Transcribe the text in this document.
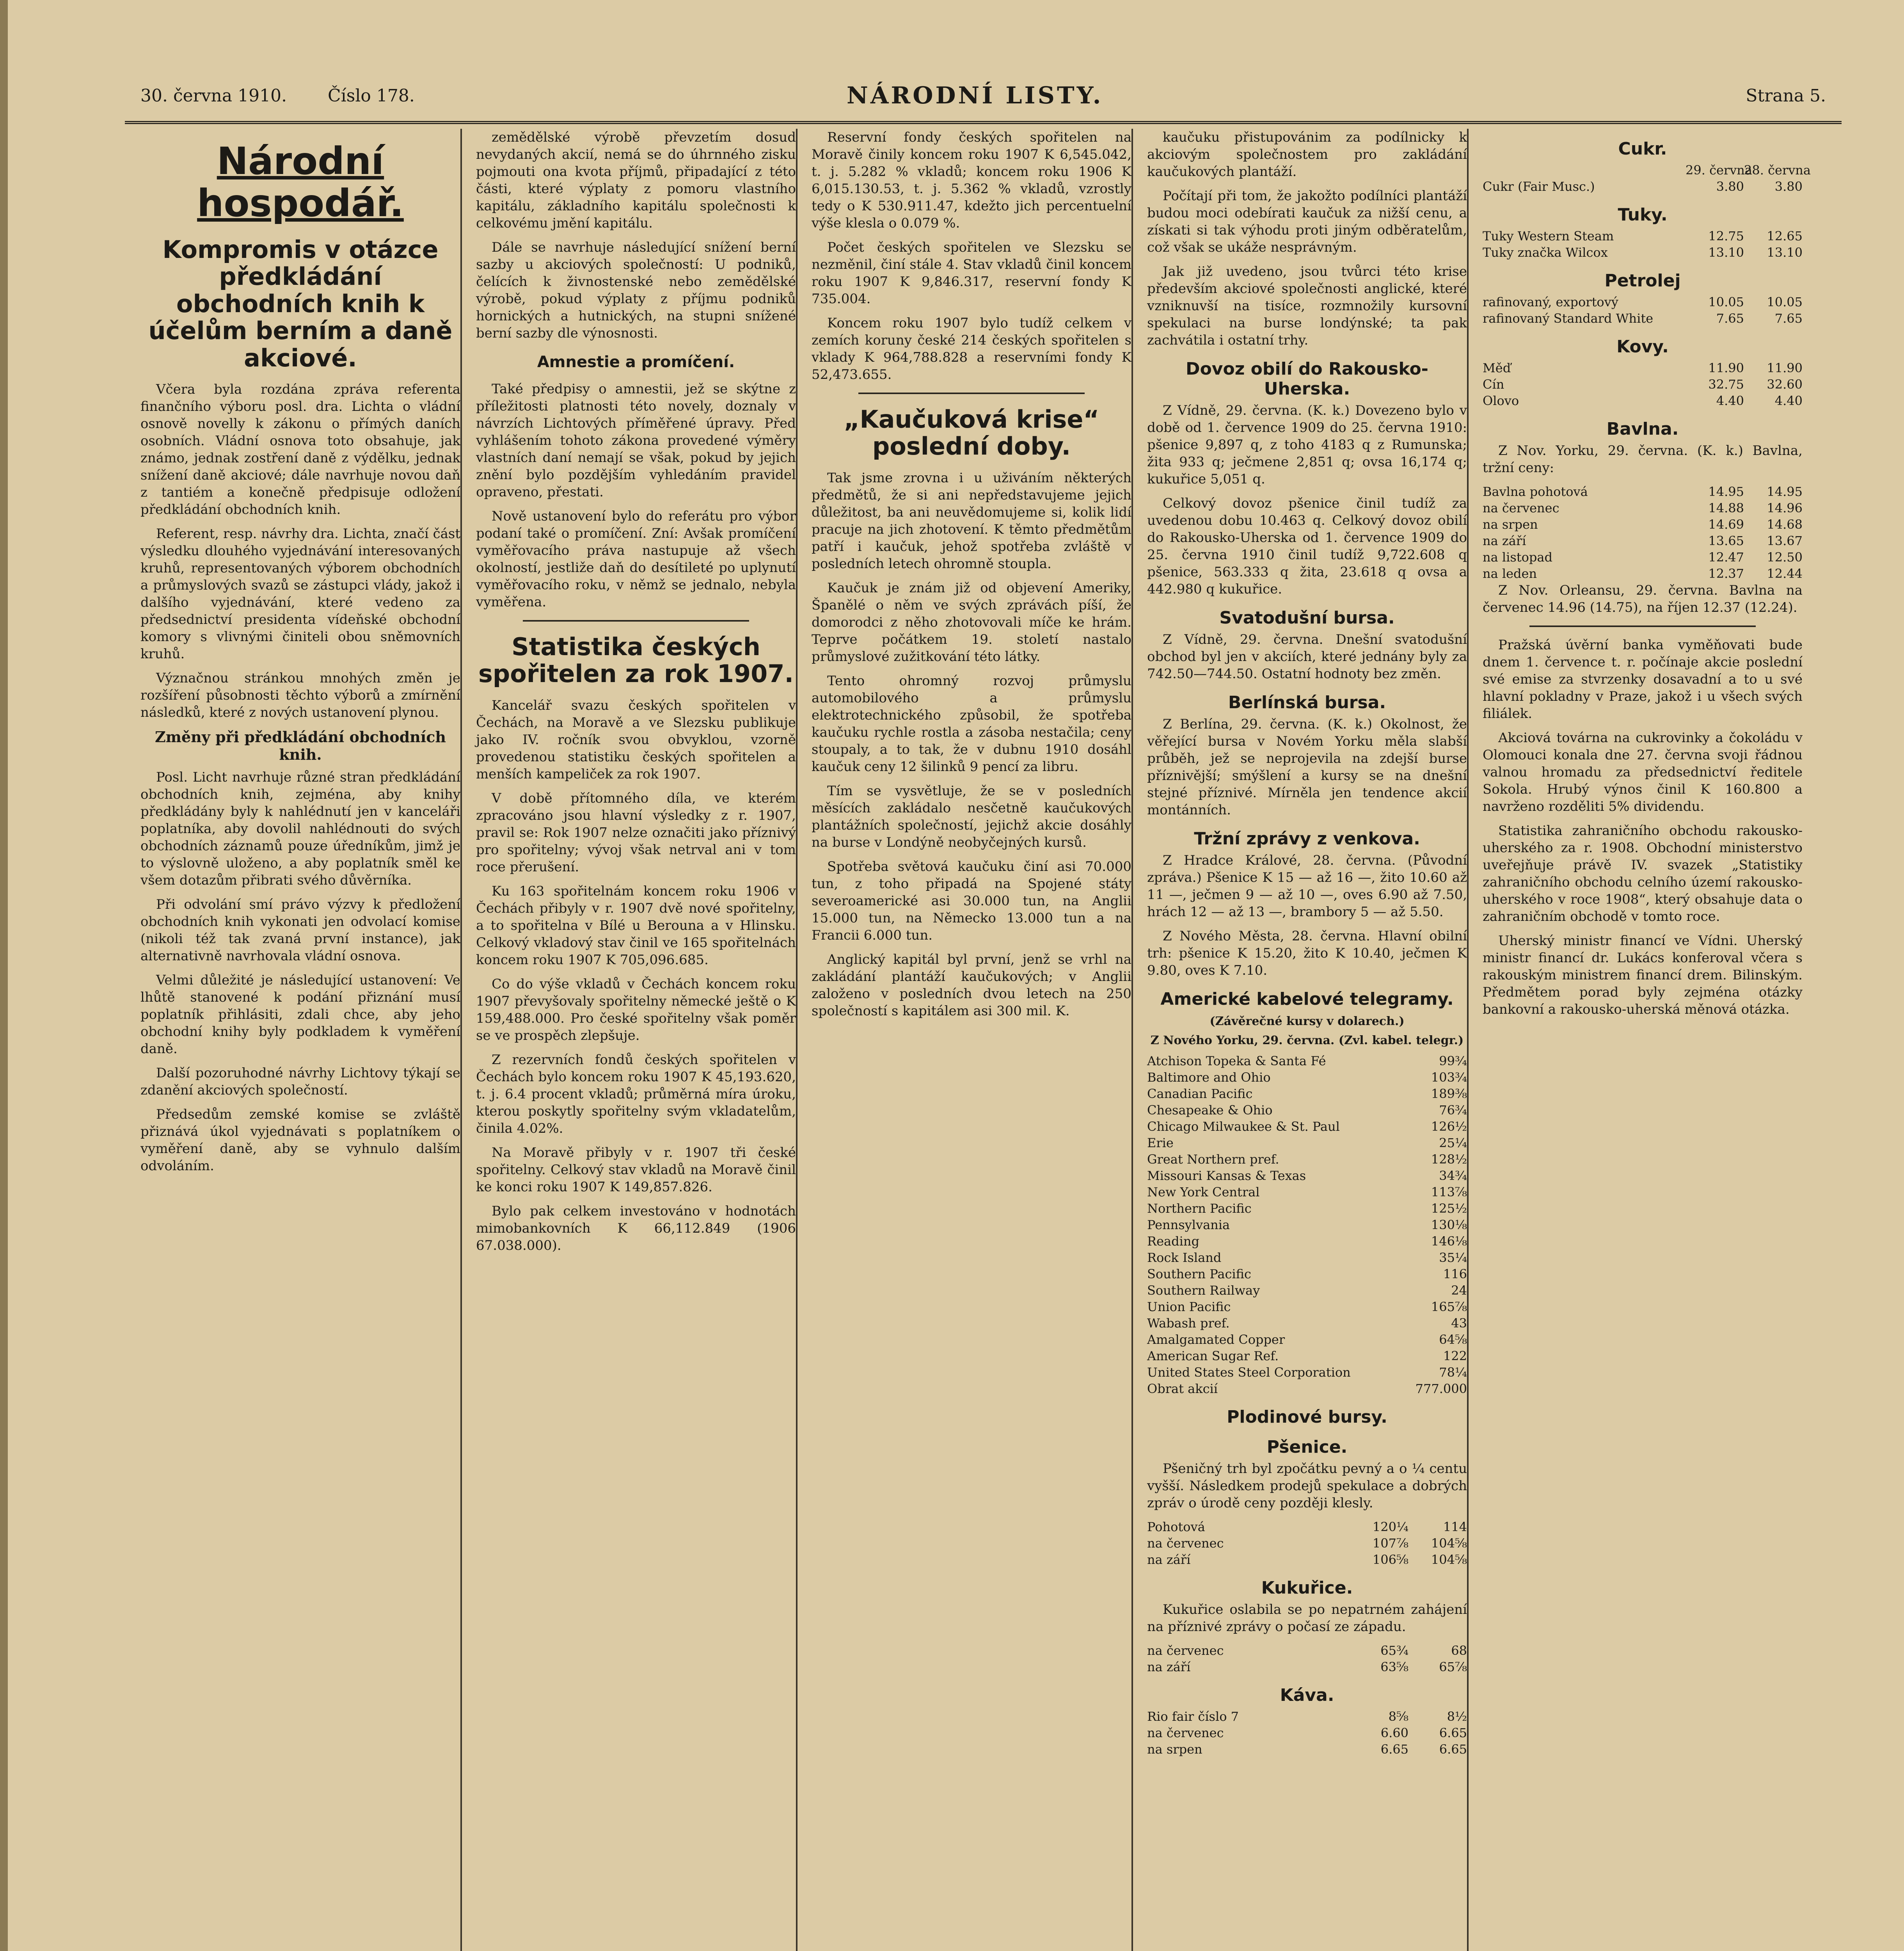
30. června 1910. Číslo 178.	NÁRODNÍ LISTY.	Strana 5.
Národní hospodář.
Kompromis v otázce předkládání obchodních knih k účelům berním a daně akciové.

Včera byla rozdána zpráva referenta finančního výboru posl. dra. Lichta o vládní osnově novelly k zákonu o přímých daních osobních. Vládní osnova toto obsahuje, jak známo, jednak zostření daně z výdělku, jednak snížení daně akciové; dále navrhuje novou daň z tantiém a konečně předpisuje odložení předkládání obchodních knih.

Referent, resp. návrhy dra. Lichta, značí část výsledku dlouhého vyjednávání interesovaných kruhů, representovaných výborem obchodních a průmyslových svazů se zástupci vlády, jakož i dalšího vyjednávání, které vedeno za předsednictví presidenta vídeňské obchodní komory s vlivnými činiteli obou sněmovních kruhů.

Význačnou stránkou mnohých změn je rozšíření působnosti těchto výborů a zmírnění následků, které z nových ustanovení plynou.

Změny při předkládání obchodních knih.

Posl. Licht navrhuje různé stran předkládání obchodních knih, zejména, aby knihy předkládány byly k nahlédnutí jen v kanceláři poplatníka, aby dovolil nahlédnouti do svých obchodních záznamů pouze úředníkům, jimž je to výslovně uloženo, a aby poplatník směl ke všem dotazům přibrati svého důvěrníka.

Při odvolání smí právo výzvy k předložení obchodních knih vykonati jen odvolací komise (nikoli též tak zvaná první instance), jak alternativně navrhovala vládní osnova.

Velmi důležité je následující ustanovení: Ve lhůtě stanovené k podání přiznání musí poplatník přihlásiti, zdali chce, aby jeho obchodní knihy byly podkladem k vyměření daně.

Další pozoruhodné návrhy Lichtovy týkají se zdanění akciových společností.

Předsedům zemské komise se zvláště přiznává úkol vyjednávati s poplatníkem o vyměření daně, aby se vyhnulo dalším odvoláním.

zemědělské výrobě převzetím dosud nevydaných akcií, nemá se do úhrnného zisku pojmouti ona kvota příjmů, připadající z této části, které výplaty z pomoru vlastního kapitálu, základního kapitálu společnosti k celkovému jmění kapitálu.

Dále se navrhuje následující snížení berní sazby u akciových společností: U podniků, čelících k živnostenské nebo zemědělské výrobě, pokud výplaty z příjmu podniků hornických a hutnických, na stupni snížené berní sazby dle výnosnosti.

Amnestie a promíčení.

Také předpisy o amnestii, jež se skýtne z příležitosti platnosti této novely, doznaly v návrzích Lichtových příměřené úpravy. Před vyhlášením tohoto zákona provedené výměry vlastních daní nemají se však, pokud by jejich znění bylo pozdějším vyhledáním pravidel opraveno, přestati.

Nově ustanovení bylo do referátu pro výbor podaní také o promíčení. Zní: Avšak promíčení vyměřovacího práva nastupuje až všech okolností, jestliže daň do desítileté po uplynutí vyměřovacího roku, v němž se jednalo, nebyla vyměřena.

Statistika českých spořitelen za rok 1907.

Kancelář svazu českých spořitelen v Čechách, na Moravě a ve Slezsku publikuje jako IV. ročník svou obvyklou, vzorně provedenou statistiku českých spořitelen a menších kampeliček za rok 1907.

V době přítomného díla, ve kterém zpracováno jsou hlavní výsledky z r. 1907, pravil se: Rok 1907 nelze označiti jako příznivý pro spořitelny; vývoj však netrval ani v tom roce přerušení.

Ku 163 spořitelnám koncem roku 1906 v Čechách přibyly v r. 1907 dvě nové spořitelny, a to spořitelna v Bílé u Berouna a v Hlinsku. Celkový vkladový stav činil ve 165 spořitelnách koncem roku 1907 K 705,096.685.

Co do výše vkladů v Čechách koncem roku 1907 převyšovaly spořitelny německé ještě o K 159,488.000. Pro české spořitelny však poměr se ve prospěch zlepšuje.

Z rezervních fondů českých spořitelen v Čechách bylo koncem roku 1907 K 45,193.620, t. j. 6.4 procent vkladů; průměrná míra úroku, kterou poskytly spořitelny svým vkladatelům, činila 4.02%.

Na Moravě přibyly v r. 1907 tři české spořitelny. Celkový stav vkladů na Moravě činil ke konci roku 1907 K 149,857.826.

Bylo pak celkem investováno v hodnotách mimobankovních K 66,112.849 (1906 67.038.000).

Reservní fondy českých spořitelen na Moravě činily koncem roku 1907 K 6,545.042, t. j. 5.282 % vkladů; koncem roku 1906 K 6,015.130.53, t. j. 5.362 % vkladů, vzrostly tedy o K 530.911.47, kdežto jich percentuelní výše klesla o 0.079 %.

Počet českých spořitelen ve Slezsku se nezměnil, činí stále 4. Stav vkladů činil koncem roku 1907 K 9,846.317, reservní fondy K 735.004.

Koncem roku 1907 bylo tudíž celkem v zemích koruny české 214 českých spořitelen s vklady K 964,788.828 a reservními fondy K 52,473.655.

„Kaučuková krise“ poslední doby.

Tak jsme zrovna i u uživáním některých předmětů, že si ani nepředstavujeme jejich důležitost, ba ani neuvědomujeme si, kolik lidí pracuje na jich zhotovení. K těmto předmětům patří i kaučuk, jehož spotřeba zvláště v posledních letech ohromně stoupla.

Kaučuk je znám již od objevení Ameriky, Španělé o něm ve svých zprávách píší, že domorodci z něho zhotovovali míče ke hrám. Teprve počátkem 19. století nastalo průmyslové zužitkování této látky.

Tento ohromný rozvoj průmyslu automobilového a průmyslu elektrotechnického způsobil, že spotřeba kaučuku rychle rostla a zásoba nestačila; ceny stoupaly, a to tak, že v dubnu 1910 dosáhl kaučuk ceny 12 šilinků 9 pencí za libru.

Tím se vysvětluje, že se v posledních měsících zakládalo nesčetně kaučukových plantážních společností, jejichž akcie dosáhly na burse v Londýně neobyčejných kursů.

Spotřeba světová kaučuku činí asi 70.000 tun, z toho připadá na Spojené státy severoamerické asi 30.000 tun, na Anglii 15.000 tun, na Německo 13.000 tun a na Francii 6.000 tun.

Anglický kapitál byl první, jenž se vrhl na zakládání plantáží kaučukových; v Anglii založeno v posledních dvou letech na 250 společností s kapitálem asi 300 mil. K.

kaučuku přistupovánim za podílnicky k akciovým společnostem pro zakládání kaučukových plantáží.

Počítají při tom, že jakožto podílníci plantáží budou moci odebírati kaučuk za nižší cenu, a získati si tak výhodu proti jiným odběratelům, což však se ukáže nesprávným.

Jak již uvedeno, jsou tvůrci této krise především akciové společnosti anglické, které vzniknuvší na tisíce, rozmnožily kursovní spekulaci na burse londýnské; ta pak zachvátila i ostatní trhy.

Dovoz obilí do Rakousko-Uherska.

Z Vídně, 29. června. (K. k.) Dovezeno bylo v době od 1. července 1909 do 25. června 1910: pšenice 9,897 q, z toho 4183 q z Rumunska; žita 933 q; ječmene 2,851 q; ovsa 16,174 q; kukuřice 5,051 q.

Celkový dovoz pšenice činil tudíž za uvedenou dobu 10.463 q. Celkový dovoz obilí do Rakousko-Uherska od 1. července 1909 do 25. června 1910 činil tudíž 9,722.608 q pšenice, 563.333 q žita, 23.618 q ovsa a 442.980 q kukuřice.

Svatodušní bursa.

Z Vídně, 29. června. Dnešní svatodušní obchod byl jen v akciích, které jednány byly za 742.50—744.50. Ostatní hodnoty bez změn.

Berlínská bursa.

Z Berlína, 29. června. (K. k.) Okolnost, že věřející bursa v Novém Yorku měla slabší průběh, jež se neprojevila na zdejší burse příznivější; smýšlení a kursy se na dnešní stejné příznivé. Mírněla jen tendence akcií montánních.

Tržní zprávy z venkova.

Z Hradce Králové, 28. června. (Původní zpráva.) Pšenice K 15 — až 16 —, žito 10.60 až 11 —, ječmen 9 — až 10 —, oves 6.90 až 7.50, hrách 12 — až 13 —, brambory 5 — až 5.50.

Z Nového Města, 28. června. Hlavní obilní trh: pšenice K 15.20, žito K 10.40, ječmen K 9.80, oves K 7.10.

Americké kabelové telegramy.
(Závěrečné kursy v dolarech.)
Z Nového Yorku, 29. června. (Zvl. kabel. telegr.)
Atchison Topeka & Santa Fé	99¾
Baltimore and Ohio	103¾
Canadian Pacific	189⅜
Chesapeake & Ohio	76¾
Chicago Milwaukee & St. Paul	126½
Erie	25¼
Great Northern pref.	128½
Missouri Kansas & Texas	34¾
New York Central	113⅞
Northern Pacific	125½
Pennsylvania	130⅛
Reading	146⅛
Rock Island	35¼
Southern Pacific	116
Southern Railway	24
Union Pacific	165⅞
Wabash pref.	43
Amalgamated Copper	64⅝
American Sugar Ref.	122
United States Steel Corporation	78¼
Obrat akcií	777.000
Plodinové bursy.
Pšenice.

Pšeničný trh byl zpočátku pevný a o ¼ centu vyšší. Následkem prodejů spekulace a dobrých zpráv o úrodě ceny později klesly.

Pohotová	120¼	114
na červenec	107⅞	104⅝
na září	106⅝	104⅝
Kukuřice.

Kukuřice oslabila se po nepatrném zahájení na příznivé zprávy o počasí ze západu.

na červenec	65¾	68
na září	63⅝	65⅞
Káva.
Rio fair číslo 7	8⅝	8½
na červenec	6.60	6.65
na srpen	6.65	6.65
Cukr.
29. června
28. června
Cukr (Fair Musc.)	3.80	3.80
Tuky.
Tuky Western Steam	12.75	12.65
Tuky značka Wilcox	13.10	13.10
Petrolej
rafinovaný, exportový	10.05	10.05
rafinovaný Standard White	7.65	7.65
Kovy.
Měď	11.90	11.90
Cín	32.75	32.60
Olovo	4.40	4.40
Bavlna.

Z Nov. Yorku, 29. června. (K. k.) Bavlna, tržní ceny:

Bavlna pohotová	14.95	14.95
na červenec	14.88	14.96
na srpen	14.69	14.68
na září	13.65	13.67
na listopad	12.47	12.50
na leden	12.37	12.44

Z Nov. Orleansu, 29. června. Bavlna na červenec 14.96 (14.75), na říjen 12.37 (12.24).

Pražská úvěrní banka vyměňovati bude dnem 1. července t. r. počínaje akcie poslední své emise za stvrzenky dosavadní a to u své hlavní pokladny v Praze, jakož i u všech svých filiálek.

Akciová továrna na cukrovinky a čokoládu v Olomouci konala dne 27. června svoji řádnou valnou hromadu za předsednictví ředitele Sokola. Hrubý výnos činil K 160.800 a navrženo rozděliti 5% dividendu.

Statistika zahraničního obchodu rakousko-uherského za r. 1908. Obchodní ministerstvo uveřejňuje právě IV. svazek „Statistiky zahraničního obchodu celního území rakousko-uherského v roce 1908“, který obsahuje data o zahraničním obchodě v tomto roce.

Uherský ministr financí ve Vídni. Uherský ministr financí dr. Lukács konferoval včera s rakouským ministrem financí drem. Bilinským. Předmětem porad byly zejména otázky bankovní a rakousko-uherská měnová otázka.
